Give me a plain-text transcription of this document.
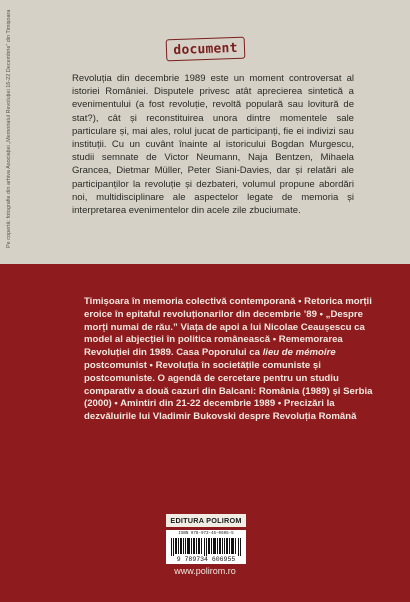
document

Revoluția din decembrie 1989 este un moment controversat al istoriei României. Disputele privesc atât aprecierea sintetică a evenimentului (a fost revoluție, revoltă populară sau lovitură de stat?), cât și reconstituirea unora dintre momentele sale particulare și, mai ales, rolul jucat de participanți, fie ei indivizi sau instituții. Cu un cuvânt înainte al istoricului Bogdan Murgescu, studii semnate de Victor Neumann, Naja Bentzen, Mihaela Grancea, Dietmar Müller, Peter Siani-Davies, dar și relatări ale participanților la revoluție și dezbateri, volumul propune abordări noi, multidisciplinare ale aspectelor legate de memoria și interpretarea evenimentelor din acele zile zbuciumate.

Pe copertă: fotografie din arhiva Asociației „Memorialul Revoluției 16-22 Decembrie” din Timișoara

Timișoara în memoria colectivă contemporană • Retorica morții eroice în epitaful revoluționarilor din decembrie ’89 • „Despre morți numai de rău.” Viața de apoi a lui Nicolae Ceaușescu ca model al abjecției în politica românească • Rememorarea Revoluției din 1989. Casa Poporului ca lieu de mémoire postcomunist • Revoluția în societățile comuniste și postcomuniste. O agendă de cercetare pentru un studiu comparativ a două cazuri din Balcani: România (1989) și Serbia (2000) • Amintiri din 21-22 decembrie 1989 • Precizări la dezvăluirile lui Vladimir Bukovski despre Revoluția Română

EDITURA POLIROM
ISBN 978-973-46-0695-5
9 789734 606955
www.polirom.ro
